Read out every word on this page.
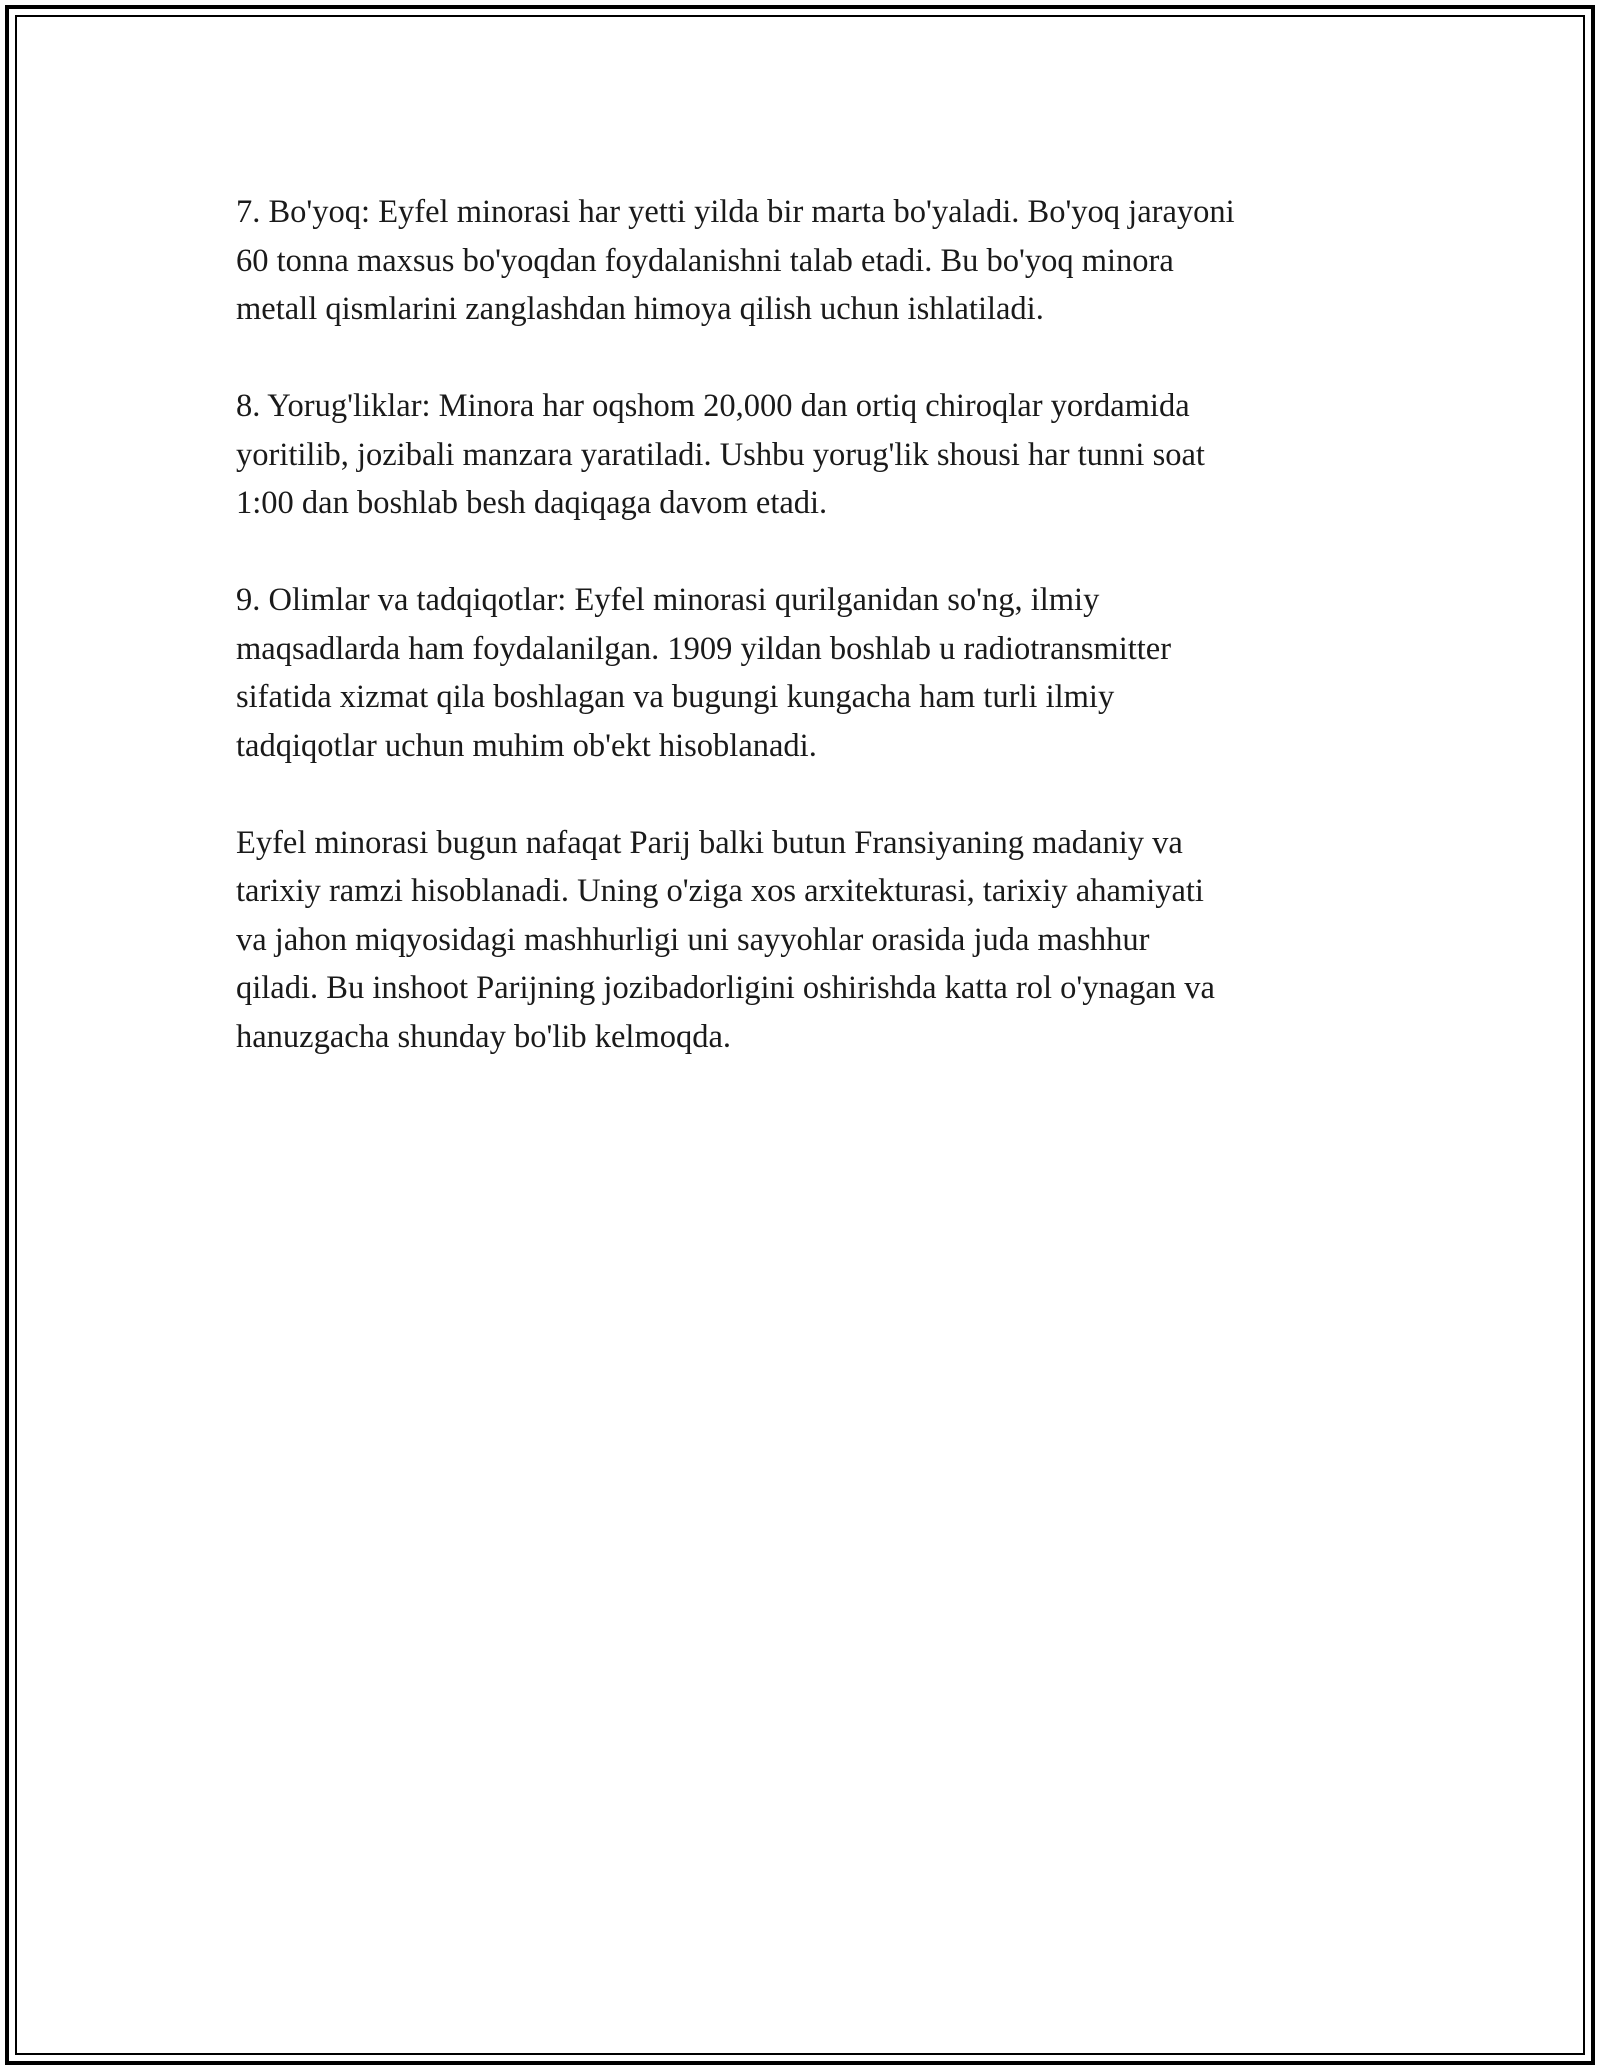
7. Bo'yoq: Eyfel minorasi har yetti yilda bir marta bo'yaladi. Bo'yoq jarayoni
60 tonna maxsus bo'yoqdan foydalanishni talab etadi. Bu bo'yoq minora
metall qismlarini zanglashdan himoya qilish uchun ishlatiladi.

8. Yorug'liklar: Minora har oqshom 20,000 dan ortiq chiroqlar yordamida
yoritilib, jozibali manzara yaratiladi. Ushbu yorug'lik shousi har tunni soat
1:00 dan boshlab besh daqiqaga davom etadi.

9. Olimlar va tadqiqotlar: Eyfel minorasi qurilganidan so'ng, ilmiy
maqsadlarda ham foydalanilgan. 1909 yildan boshlab u radiotransmitter
sifatida xizmat qila boshlagan va bugungi kungacha ham turli ilmiy
tadqiqotlar uchun muhim ob'ekt hisoblanadi.

Eyfel minorasi bugun nafaqat Parij balki butun Fransiyaning madaniy va
tarixiy ramzi hisoblanadi. Uning o'ziga xos arxitekturasi, tarixiy ahamiyati
va jahon miqyosidagi mashhurligi uni sayyohlar orasida juda mashhur
qiladi. Bu inshoot Parijning jozibadorligini oshirishda katta rol o'ynagan va
hanuzgacha shunday bo'lib kelmoqda.
